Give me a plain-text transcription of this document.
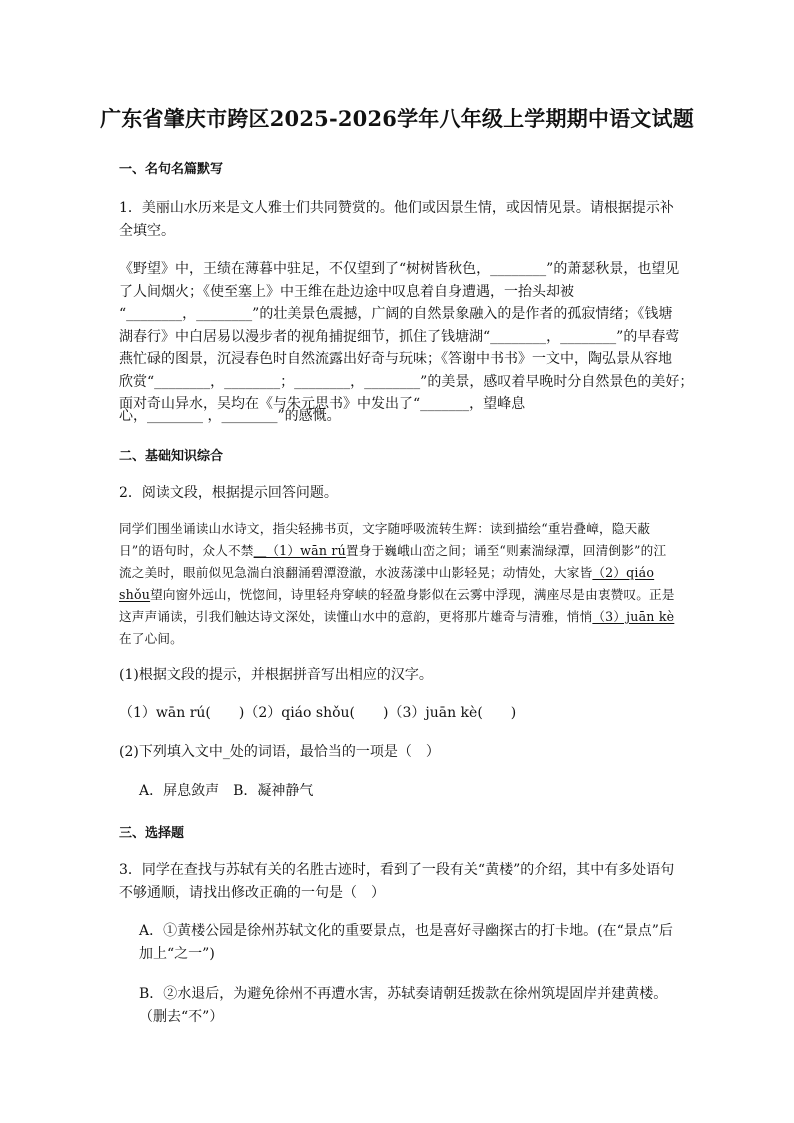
广东省肇庆市跨区2025-2026学年八年级上学期期中语文试题
一、名句名篇默写
1．美丽山水历来是文人雅士们共同赞赏的。他们或因景生情，或因情见景。请根据提示补全填空。
《野望》中，王绩在薄暮中驻足，不仅望到了“树树皆秋色，________”的萧瑟秋景，也望见
了人间烟火；《使至塞上》中王维在赴边途中叹息着自身遭遇，一抬头却被
“________，________”的壮美景色震撼，广阔的自然景象融入的是作者的孤寂情绪；《钱塘
湖春行》中白居易以漫步者的视角捕捉细节，抓住了钱塘湖“________，________”的早春莺
燕忙碌的图景，沉浸春色时自然流露出好奇与玩味；《答谢中书书》一文中，陶弘景从容地
欣赏“________，________；________，________”的美景，感叹着早晚时分自然景色的美好；
面对奇山异水，吴均在《与朱元思书》中发出了“_______，望峰息
心，________ ，________”的感慨。
二、基础知识综合
2．阅读文段，根据提示回答问题。
同学们围坐诵读山水诗文，指尖轻拂书页，文字随呼吸流转生辉：读到描绘“重岩叠嶂，隐天蔽日”的语句时，众人不禁＿（1）wān rú置身于巍峨山峦之间；诵至“则素湍绿潭，回清倒影”的江流之美时，眼前似见急湍白浪翻涌碧潭澄澈，水波荡漾中山影轻晃；动情处，大家皆（2）qiáo shǒu望向窗外远山，恍惚间，诗里轻舟穿峡的轻盈身影似在云雾中浮现，满座尽是由衷赞叹。正是这声声诵读，引我们触达诗文深处，读懂山水中的意韵，更将那片雄奇与清雅，悄悄（3）juān kè在了心间。
(1)根据文段的提示，并根据拼音写出相应的汉字。
（1）wān rú(　　)（2）qiáo shǒu(　　)（3）juān kè(　　)
(2)下列填入文中_处的词语，最恰当的一项是（　）
A．屏息敛声　B．凝神静气
三、选择题
3．同学在查找与苏轼有关的名胜古迹时，看到了一段有关“黄楼”的介绍，其中有多处语句不够通顺，请找出修改正确的一句是（　）
A．①黄楼公园是徐州苏轼文化的重要景点，也是喜好寻幽探古的打卡地。(在“景点”后加上“之一”)
B．②水退后，为避免徐州不再遭水害，苏轼奏请朝廷拨款在徐州筑堤固岸并建黄楼。（删去“不”）
